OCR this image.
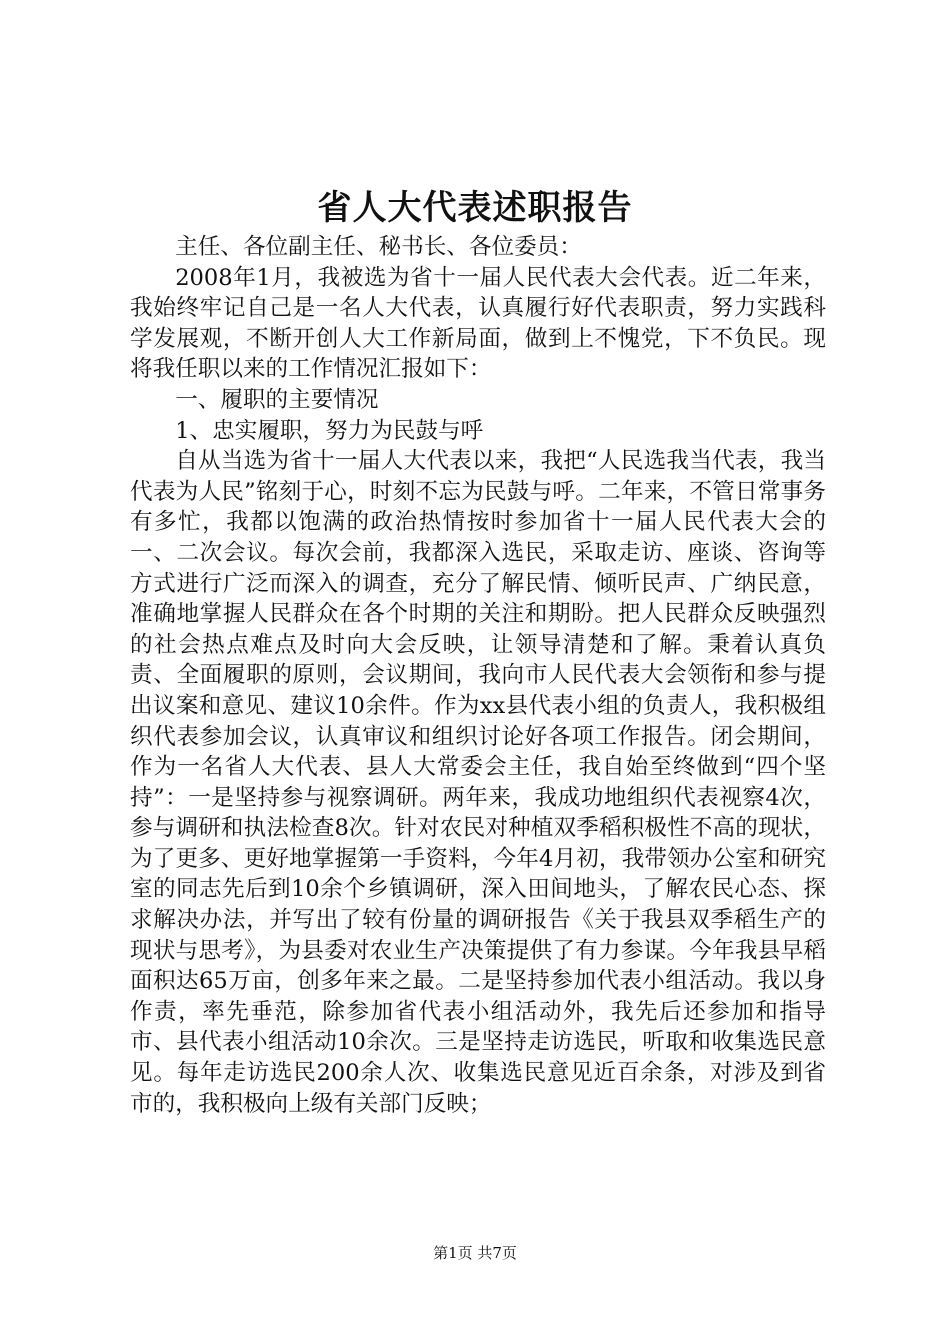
省人大代表述职报告

主任、各位副主任、秘书长、各位委员：

2008年1月，我被选为省十一届人民代表大会代表。近二年来，我始终牢记自己是一名人大代表，认真履行好代表职责，努力实践科学发展观，不断开创人大工作新局面，做到上不愧党，下不负民。现将我任职以来的工作情况汇报如下：

一、履职的主要情况

1、忠实履职，努力为民鼓与呼

自从当选为省十一届人大代表以来，我把“人民选我当代表，我当代表为人民”铭刻于心，时刻不忘为民鼓与呼。二年来，不管日常事务有多忙，我都以饱满的政治热情按时参加省十一届人民代表大会的一、二次会议。每次会前，我都深入选民，采取走访、座谈、咨询等方式进行广泛而深入的调查，充分了解民情、倾听民声、广纳民意，准确地掌握人民群众在各个时期的关注和期盼。把人民群众反映强烈的社会热点难点及时向大会反映，让领导清楚和了解。秉着认真负责、全面履职的原则，会议期间，我向市人民代表大会领衔和参与提出议案和意见、建议10余件。作为xx县代表小组的负责人，我积极组织代表参加会议，认真审议和组织讨论好各项工作报告。闭会期间，作为一名省人大代表、县人大常委会主任，我自始至终做到“四个坚持”：一是坚持参与视察调研。两年来，我成功地组织代表视察4次，参与调研和执法检查8次。针对农民对种植双季稻积极性不高的现状，为了更多、更好地掌握第一手资料，今年4月初，我带领办公室和研究室的同志先后到10余个乡镇调研，深入田间地头，了解农民心态、探求解决办法，并写出了较有份量的调研报告《关于我县双季稻生产的现状与思考》，为县委对农业生产决策提供了有力参谋。今年我县早稻面积达65万亩，创多年来之最。二是坚持参加代表小组活动。我以身作责，率先垂范，除参加省代表小组活动外，我先后还参加和指导市、县代表小组活动10余次。三是坚持走访选民，听取和收集选民意见。每年走访选民200余人次、收集选民意见近百余条，对涉及到省市的，我积极向上级有关部门反映；

第1页 共7页
